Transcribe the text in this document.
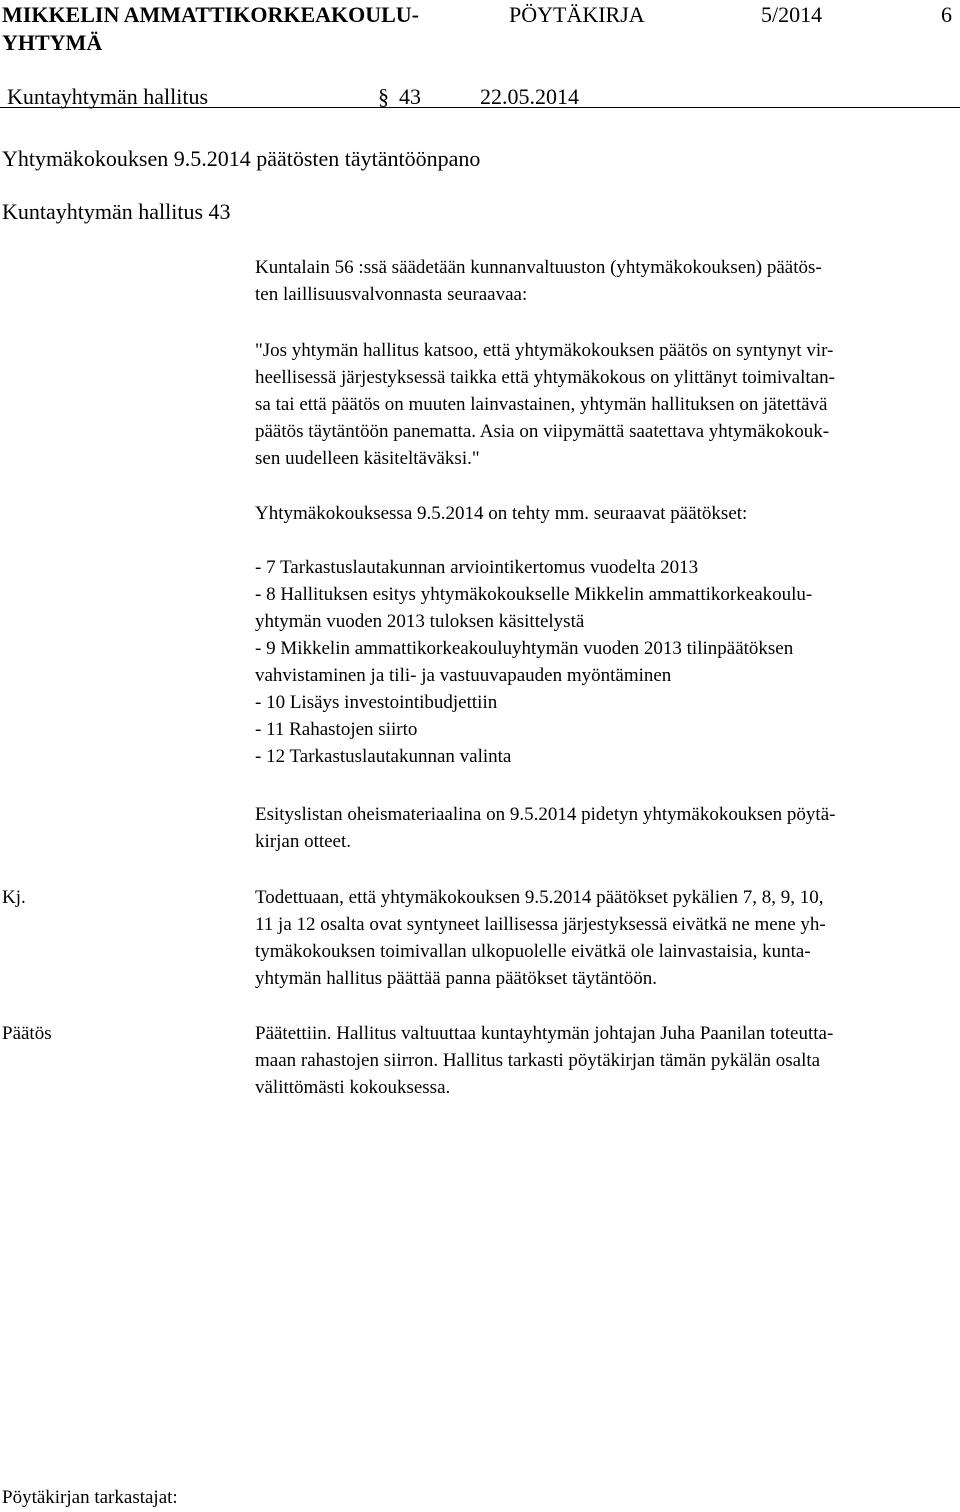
MIKKELIN AMMATTIKORKEAKOULU-
YHTYMÄ
PÖYTÄKIRJA	5/2014	6
Kuntayhtymän hallitus	§ 43	22.05.2014
Yhtymäkokouksen 9.5.2014 päätösten täytäntöönpano
Kuntayhtymän hallitus 43
Kuntalain 56 :ssä säädetään kunnanvaltuuston (yhtymäkokouksen) päätös-
ten laillisuusvalvonnasta seuraavaa:
"Jos yhtymän hallitus katsoo, että yhtymäkokouksen päätös on syntynyt vir-
heellisessä järjestyksessä taikka että yhtymäkokous on ylittänyt toimivaltan-
sa tai että päätös on muuten lainvastainen, yhtymän hallituksen on jätettävä
päätös täytäntöön panematta. Asia on viipymättä saatettava yhtymäkokouk-
sen uudelleen käsiteltäväksi."
Yhtymäkokouksessa 9.5.2014 on tehty mm. seuraavat päätökset:
- 7 Tarkastuslautakunnan arviointikertomus vuodelta 2013
- 8 Hallituksen esitys yhtymäkokoukselle Mikkelin ammattikorkeakoulu-
yhtymän vuoden 2013 tuloksen käsittelystä
- 9 Mikkelin ammattikorkeakouluyhtymän vuoden 2013 tilinpäätöksen
vahvistaminen ja tili- ja vastuuvapauden myöntäminen
- 10 Lisäys investointibudjettiin
- 11 Rahastojen siirto
- 12 Tarkastuslautakunnan valinta
Esityslistan oheismateriaalina on 9.5.2014 pidetyn yhtymäkokouksen pöytä-
kirjan otteet.
Kj.	Todettuaan, että yhtymäkokouksen 9.5.2014 päätökset pykälien 7, 8, 9, 10,
11 ja 12 osalta ovat syntyneet laillisessa järjestyksessä eivätkä ne mene yh-
tymäkokouksen toimivallan ulkopuolelle eivätkä ole lainvastaisia, kunta-
yhtymän hallitus päättää panna päätökset täytäntöön.
Päätös	Päätettiin. Hallitus valtuuttaa kuntayhtymän johtajan Juha Paanilan toteutta-
maan rahastojen siirron. Hallitus tarkasti pöytäkirjan tämän pykälän osalta
välittömästi kokouksessa.
Pöytäkirjan tarkastajat:
